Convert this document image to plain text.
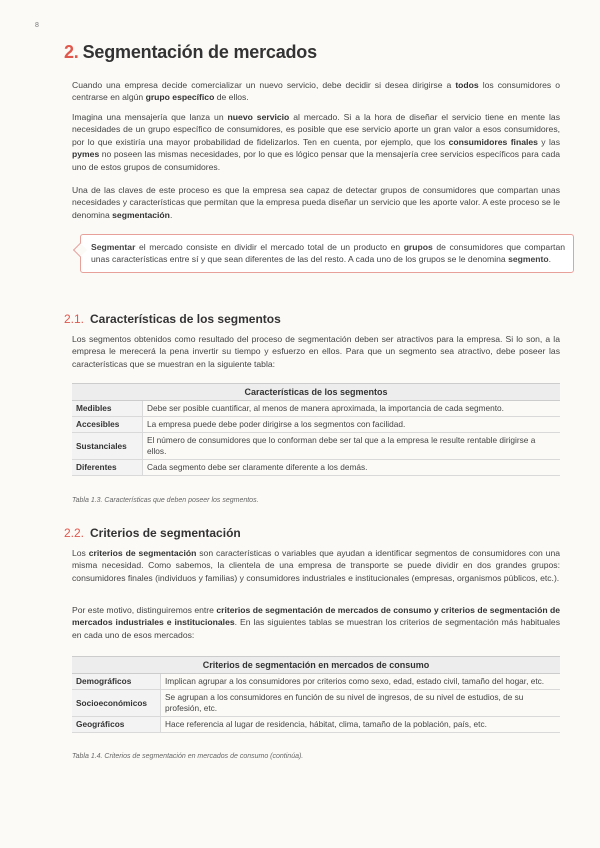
8
2. Segmentación de mercados

Cuando una empresa decide comercializar un nuevo servicio, debe decidir si desea dirigirse a todos los consumidores o centrarse en algún grupo específico de ellos.

Imagina una mensajería que lanza un nuevo servicio al mercado. Si a la hora de diseñar el servicio tiene en mente las necesidades de un grupo específico de consumidores, es posible que ese servicio aporte un gran valor a esos consumidores, por lo que existiría una mayor probabilidad de fidelizarlos. Ten en cuenta, por ejemplo, que los consumidores finales y las pymes no poseen las mismas necesidades, por lo que es lógico pensar que la mensajería cree servicios específicos para cada uno de estos grupos de consumidores.

Una de las claves de este proceso es que la empresa sea capaz de detectar grupos de consumidores que compartan unas necesidades y características que permitan que la empresa pueda diseñar un servicio que les aporte valor. A este proceso se le denomina segmentación.

Segmentar el mercado consiste en dividir el mercado total de un producto en grupos de consumidores que compartan unas características entre sí y que sean diferentes de las del resto. A cada uno de los grupos se le denomina segmento.
2.1. Características de los segmentos

Los segmentos obtenidos como resultado del proceso de segmentación deben ser atractivos para la empresa. Si lo son, a la empresa le merecerá la pena invertir su tiempo y esfuerzo en ellos. Para que un segmento sea atractivo, debe poseer las características que se muestran en la siguiente tabla:

Características de los segmentos	
Medibles	Debe ser posible cuantificar, al menos de manera aproximada, la importancia de cada segmento.
Accesibles	La empresa puede debe poder dirigirse a los segmentos con facilidad.
Sustanciales	El número de consumidores que lo conforman debe ser tal que a la empresa le resulte rentable dirigirse a ellos.
Diferentes	Cada segmento debe ser claramente diferente a los demás.
Tabla 1.3. Características que deben poseer los segmentos.
2.2. Criterios de segmentación

Los criterios de segmentación son características o variables que ayudan a identificar segmentos de consumidores con una misma necesidad. Como sabemos, la clientela de una empresa de transporte se puede dividir en dos grandes grupos: consumidores finales (individuos y familias) y consumidores industriales e institucionales (empresas, organismos públicos, etc.).

Por este motivo, distinguiremos entre criterios de segmentación de mercados de consumo y criterios de segmentación de mercados industriales e institucionales. En las siguientes tablas se muestran los criterios de segmentación más habituales en cada uno de esos mercados:

Criterios de segmentación en mercados de consumo	
Demográficos	Implican agrupar a los consumidores por criterios como sexo, edad, estado civil, tamaño del hogar, etc.
Socioeconómicos	Se agrupan a los consumidores en función de su nivel de ingresos, de su nivel de estudios, de su profesión, etc.
Geográficos	Hace referencia al lugar de residencia, hábitat, clima, tamaño de la población, país, etc.
Tabla 1.4. Criterios de segmentación en mercados de consumo (continúa).
